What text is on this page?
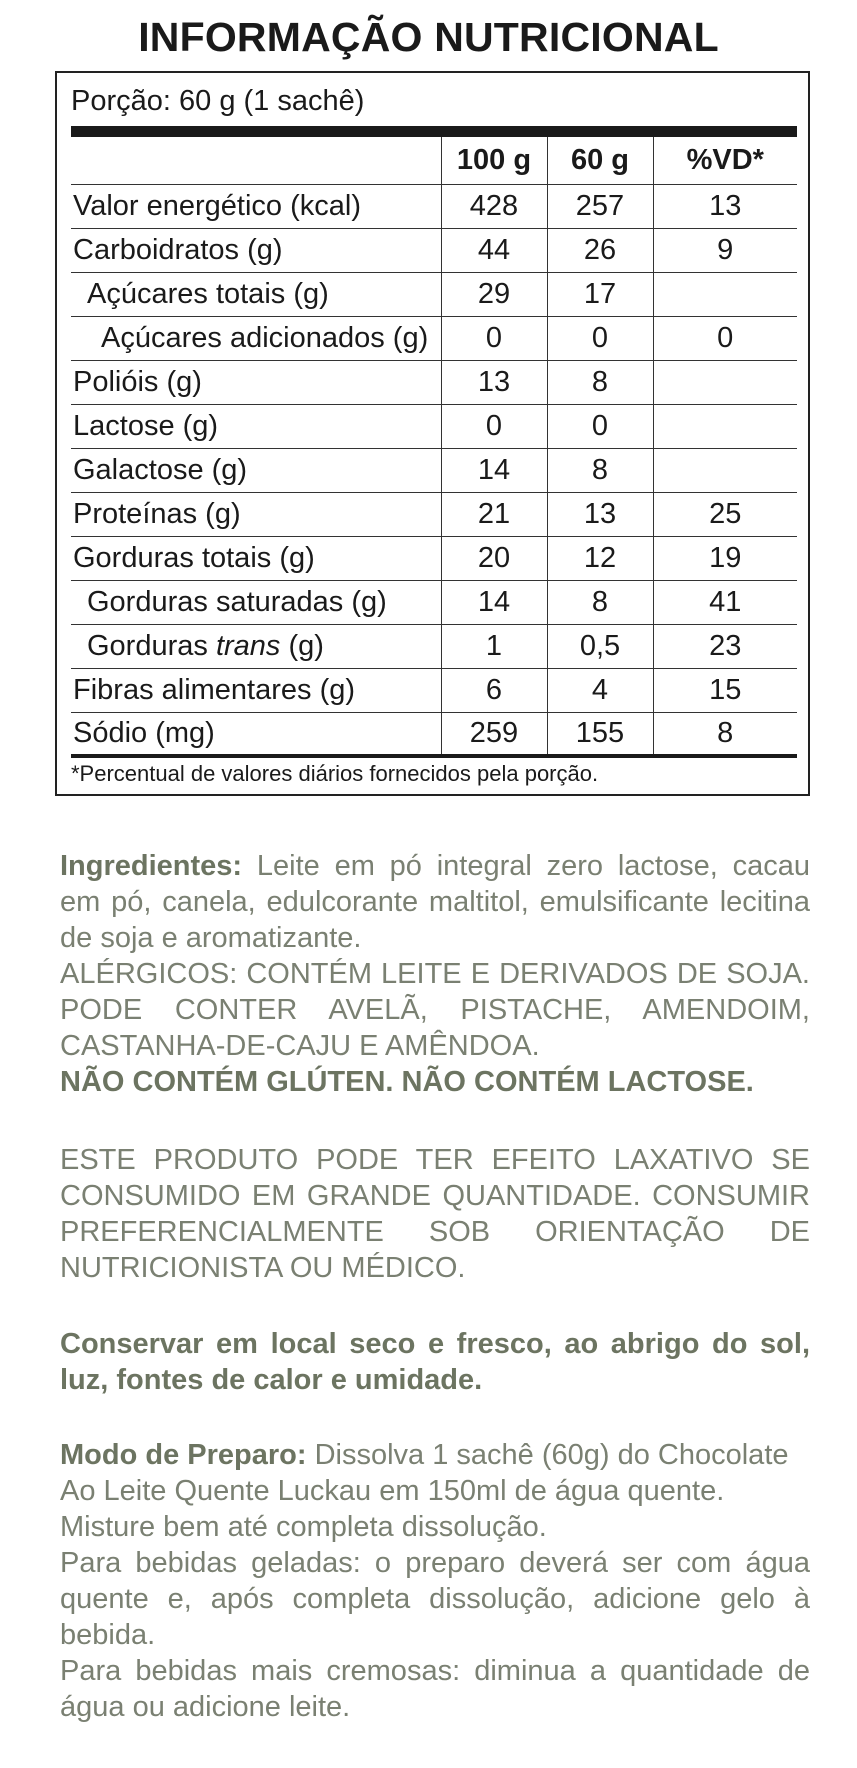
INFORMAÇÃO NUTRICIONAL
Porção: 60 g (1 sachê)
	100 g	60 g	%VD*
Valor energético (kcal)	428	257	13
Carboidratos (g)	44	26	9
Açúcares totais (g)	29	17	
Açúcares adicionados (g)	0	0	0
Polióis (g)	13	8	
Lactose (g)	0	0	
Galactose (g)	14	8	
Proteínas (g)	21	13	25
Gorduras totais (g)	20	12	19
Gorduras saturadas (g)	14	8	41
Gorduras trans (g)	1	0,5	23
Fibras alimentares (g)	6	4	15
Sódio (mg)	259	155	8
*Percentual de valores diários fornecidos pela porção.

Ingredientes: Leite em pó integral zero lactose, cacau em pó, canela, edulcorante maltitol, emulsificante lecitina de soja e aromatizante.

ALÉRGICOS: CONTÉM LEITE E DERIVADOS DE SOJA. PODE CONTER AVELÃ, PISTACHE, AMENDOIM, CASTANHA-DE-CAJU E AMÊNDOA.

NÃO CONTÉM GLÚTEN. NÃO CONTÉM LACTOSE.

ESTE PRODUTO PODE TER EFEITO LAXATIVO SE CONSUMIDO EM GRANDE QUANTIDADE. CONSUMIR PREFERENCIALMENTE SOB ORIENTAÇÃO DE NUTRICIONISTA OU MÉDICO.

Conservar em local seco e fresco, ao abrigo do sol, luz, fontes de calor e umidade.

Modo de Preparo: Dissolva 1 sachê (60g) do Chocolate Ao Leite Quente Luckau em 150ml de água quente. Misture bem até completa dissolução.

Para bebidas geladas: o preparo deverá ser com água quente e, após completa dissolução, adicione gelo à bebida.

Para bebidas mais cremosas: diminua a quantidade de água ou adicione leite.
